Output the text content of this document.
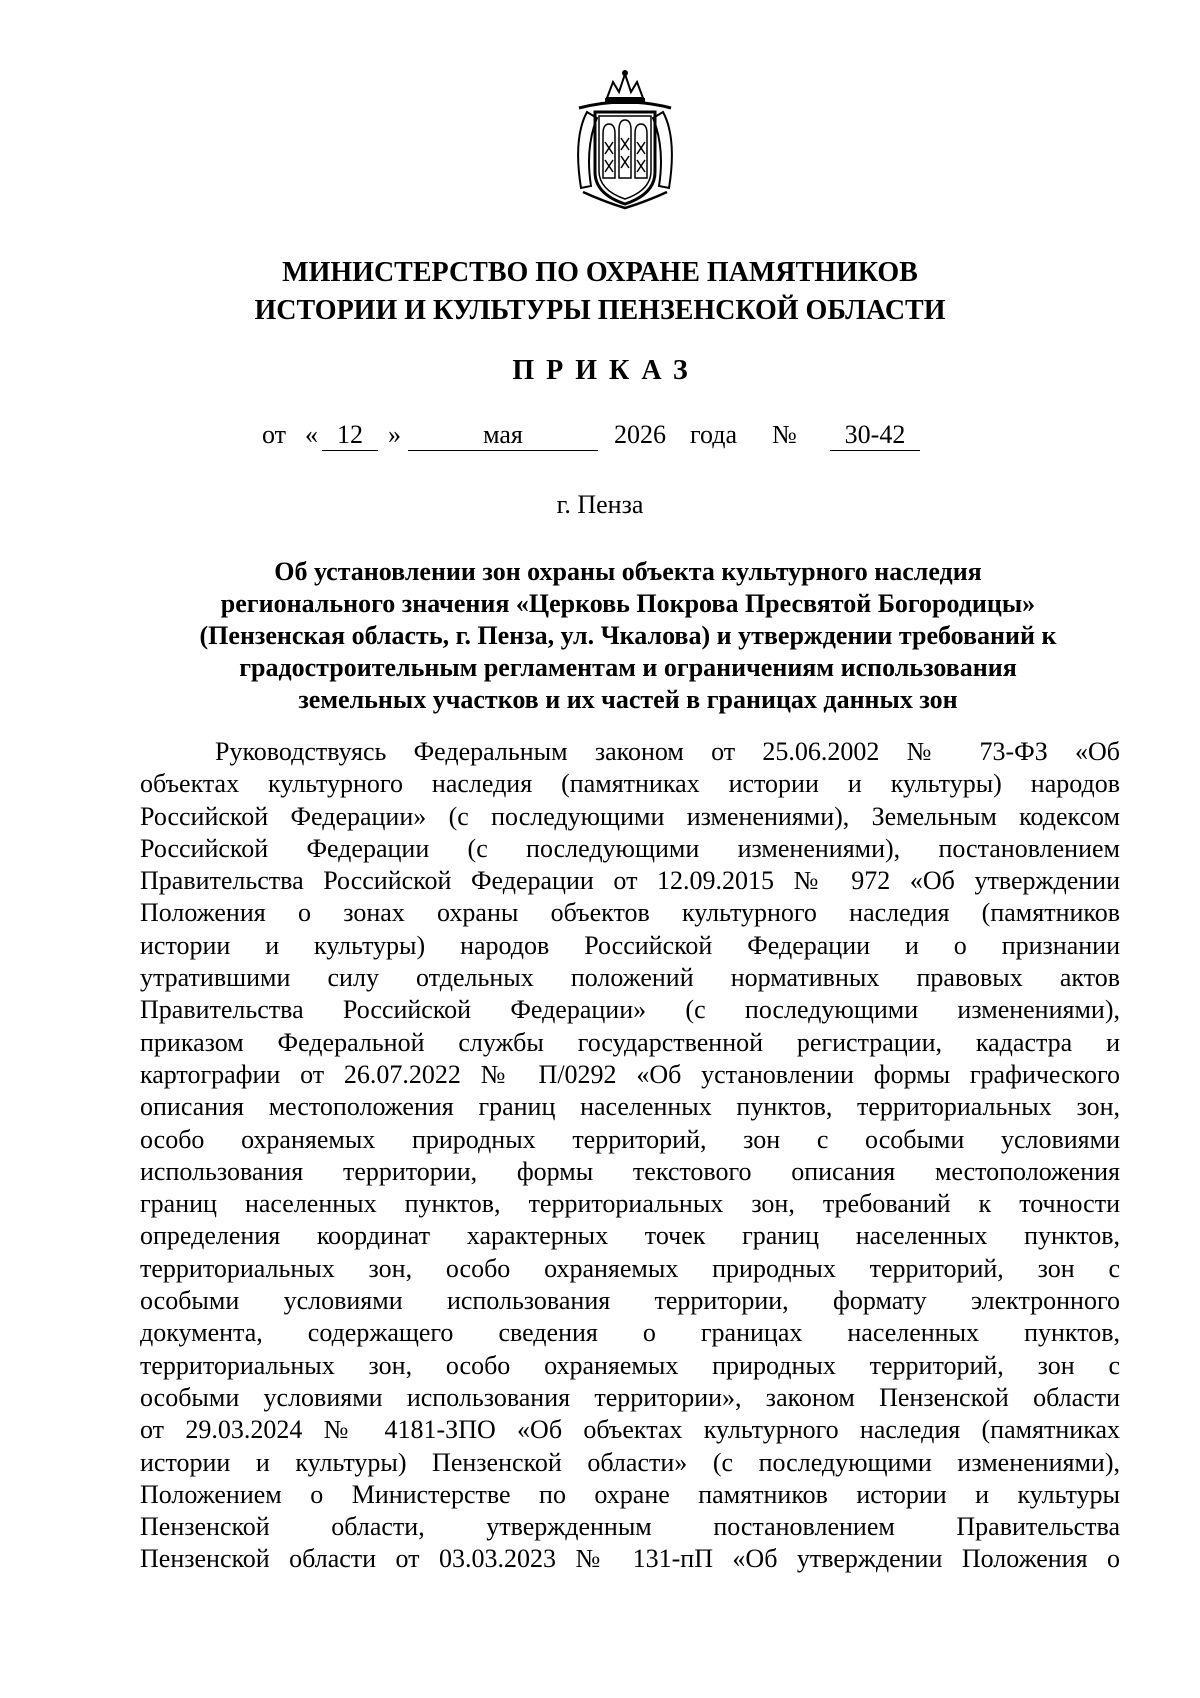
МИНИСТЕРСТВО ПО ОХРАНЕ ПАМЯТНИКОВ
ИСТОРИИ И КУЛЬТУРЫ ПЕНЗЕНСКОЙ ОБЛАСТИ
ПРИКАЗ
от « 12 »	мая	2026 года №	30-42
г. Пенза
Об установлении зон охраны объекта культурного наследия
регионального значения «Церковь Покрова Пресвятой Богородицы»
(Пензенская область, г. Пенза, ул. Чкалова) и утверждении требований к
градостроительным регламентам и ограничениям использования
земельных участков и их частей в границах данных зон
Руководствуясь Федеральным законом от 25.06.2002 № 73-ФЗ «Об
объектах культурного наследия (памятниках истории и культуры) народов
Российской Федерации» (с последующими изменениями), Земельным кодексом
Российской Федерации (с последующими изменениями), постановлением
Правительства Российской Федерации от 12.09.2015 № 972 «Об утверждении
Положения о зонах охраны объектов культурного наследия (памятников
истории и культуры) народов Российской Федерации и о признании
утратившими силу отдельных положений нормативных правовых актов
Правительства Российской Федерации» (с последующими изменениями),
приказом Федеральной службы государственной регистрации, кадастра и
картографии от 26.07.2022 № П/0292 «Об установлении формы графического
описания местоположения границ населенных пунктов, территориальных зон,
особо охраняемых природных территорий, зон с особыми условиями
использования территории, формы текстового описания местоположения
границ населенных пунктов, территориальных зон, требований к точности
определения координат характерных точек границ населенных пунктов,
территориальных зон, особо охраняемых природных территорий, зон с
особыми условиями использования территории, формату электронного
документа, содержащего сведения о границах населенных пунктов,
территориальных зон, особо охраняемых природных территорий, зон с
особыми условиями использования территории», законом Пензенской области
от 29.03.2024 № 4181-ЗПО «Об объектах культурного наследия (памятниках
истории и культуры) Пензенской области» (с последующими изменениями),
Положением о Министерстве по охране памятников истории и культуры
Пензенской области, утвержденным постановлением Правительства
Пензенской области от 03.03.2023 № 131-пП «Об утверждении Положения о
